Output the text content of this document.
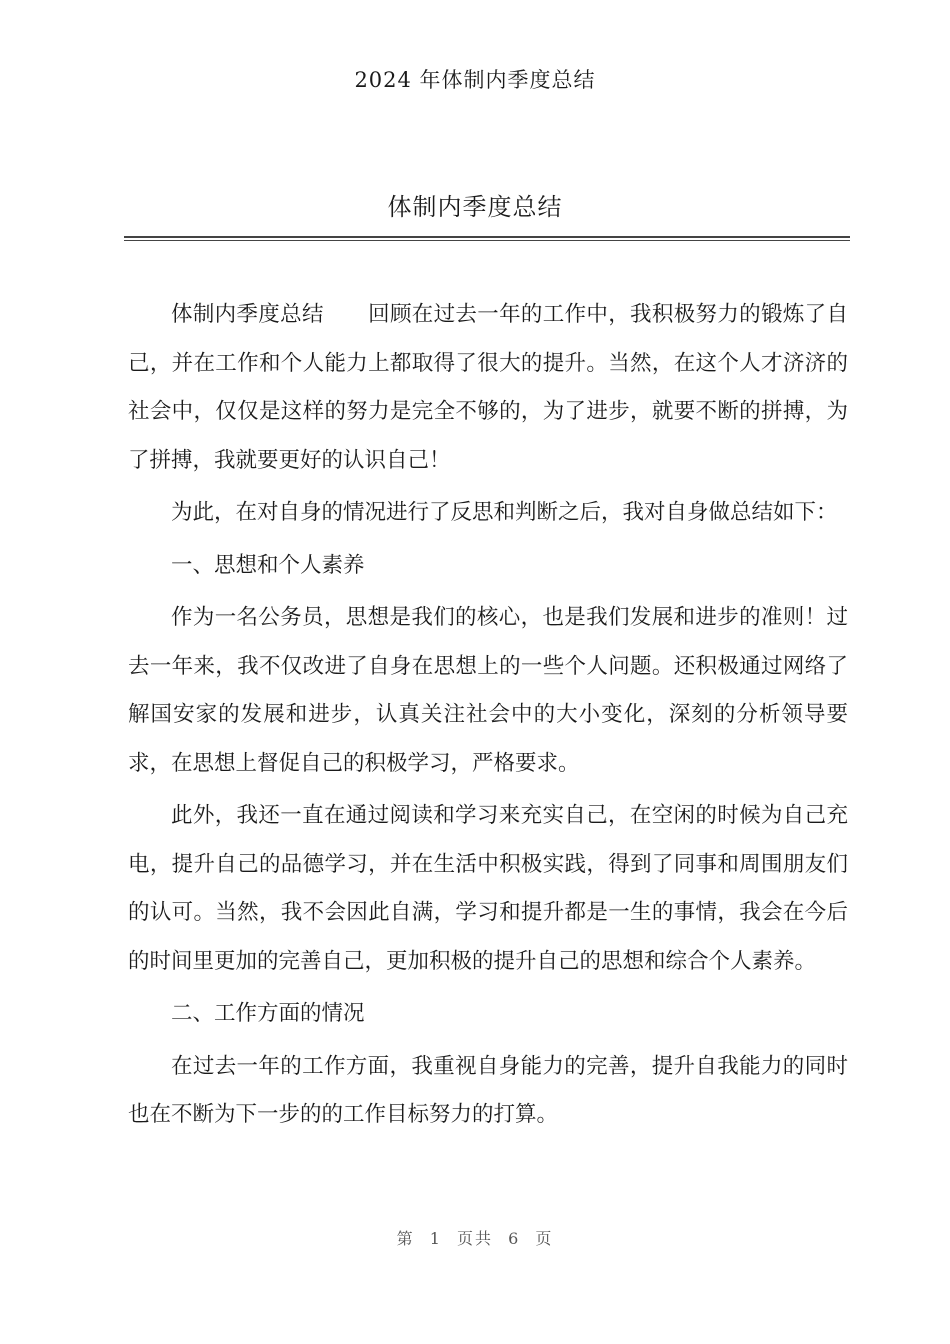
2024 年体制内季度总结
体制内季度总结

体制内季度总结 回顾在过去一年的工作中，我积极努力的锻炼了自己，并在工作和个人能力上都取得了很大的提升。当然，在这个人才济济的社会中，仅仅是这样的努力是完全不够的，为了进步，就要不断的拼搏，为了拼搏，我就要更好的认识自己！

为此，在对自身的情况进行了反思和判断之后，我对自身做总结如下：

一、思想和个人素养

作为一名公务员，思想是我们的核心，也是我们发展和进步的准则！过去一年来，我不仅改进了自身在思想上的一些个人问题。还积极通过网络了解国安家的发展和进步，认真关注社会中的大小变化，深刻的分析领导要求，在思想上督促自己的积极学习，严格要求。

此外，我还一直在通过阅读和学习来充实自己，在空闲的时候为自己充电，提升自己的品德学习，并在生活中积极实践，得到了同事和周围朋友们的认可。当然，我不会因此自满，学习和提升都是一生的事情，我会在今后的时间里更加的完善自己，更加积极的提升自己的思想和综合个人素养。

二、工作方面的情况

在过去一年的工作方面，我重视自身能力的完善，提升自我能力的同时也在不断为下一步的的工作目标努力的打算。

第 1 页共 6 页
